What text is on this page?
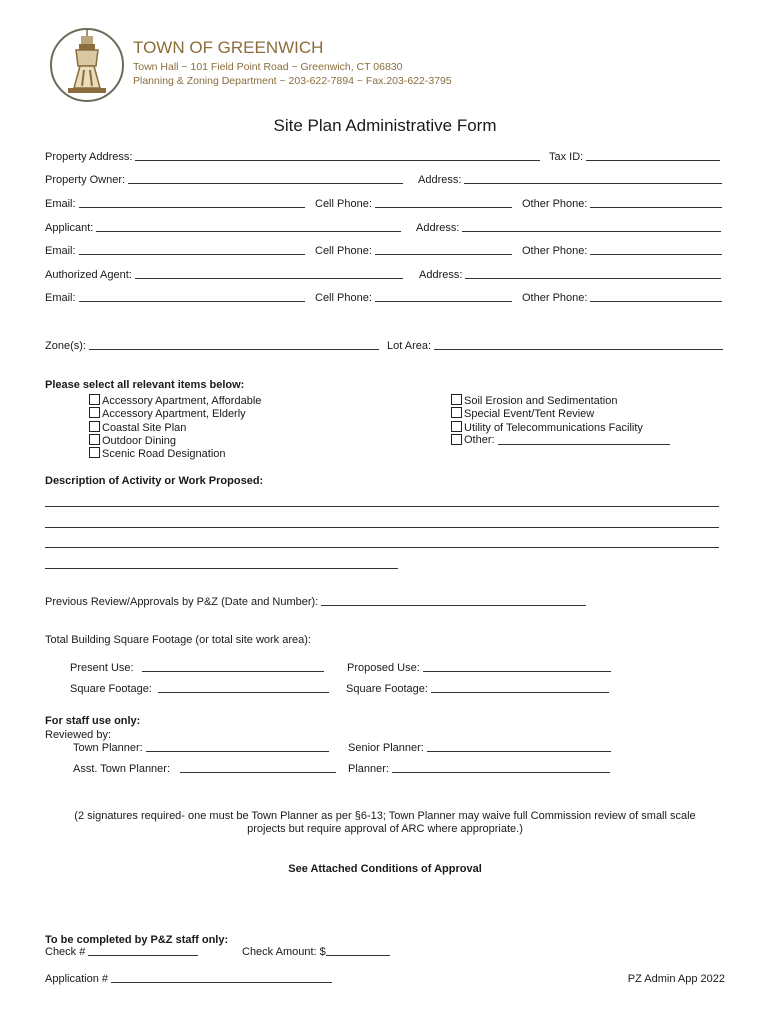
TOWN OF GREENWICH
Town Hall ~ 101 Field Point Road ~ Greenwich, CT 06830
Planning & Zoning Department ~ 203-622-7894 ~ Fax.203-622-3795
Site Plan Administrative Form
Property Address:	Tax ID:
Property Owner:	Address:
Email:	Cell Phone:	Other Phone:
Applicant:	Address:
Email:	Cell Phone:	Other Phone:
Authorized Agent:	Address:
Email:	Cell Phone:	Other Phone:
Zone(s):	Lot Area:
Please select all relevant items below:
Accessory Apartment, Affordable
Accessory Apartment, Elderly
Coastal Site Plan
Outdoor Dining
Scenic Road Designation
Soil Erosion and Sedimentation
Special Event/Tent Review
Utility of Telecommunications Facility
Other:
Description of Activity or Work Proposed:
Previous Review/Approvals by P&Z (Date and Number):
Total Building Square Footage (or total site work area):
Present Use:	Proposed Use:
Square Footage:	Square Footage:
For staff use only:
Reviewed by:
Town Planner:	Senior Planner:
Asst. Town Planner:	Planner:
(2 signatures required- one must be Town Planner as per §6-13; Town Planner may waive full Commission review of small scale
projects but require approval of ARC where appropriate.)
See Attached Conditions of Approval
To be completed by P&Z staff only:
Check #	Check Amount: $
Application #	PZ Admin App 2022
